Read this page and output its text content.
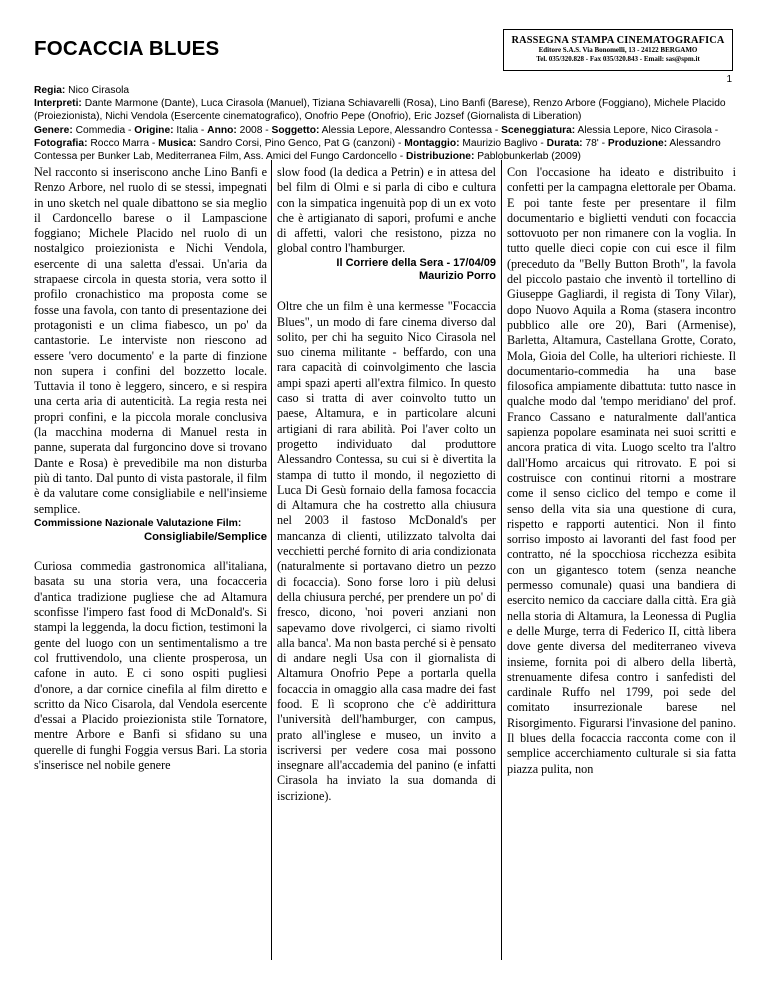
FOCACCIA BLUES	RASSEGNA STAMPA CINEMATOGRAFICA
Editore S.A.S. Via Bonomelli, 13 - 24122 BERGAMO
Tel. 035/320.828 - Fax 035/320.843 - Email: sas@spm.it
1
Regia: Nico Cirasola
Interpreti: Dante Marmone (Dante), Luca Cirasola (Manuel), Tiziana Schiavarelli (Rosa), Lino Banfi (Barese), Renzo Arbore (Foggiano), Michele Placido (Proiezionista), Nichi Vendola (Esercente cinematografico), Onofrio Pepe (Onofrio), Eric Jozsef (Giornalista di Liberation)
Genere: Commedia - Origine: Italia - Anno: 2008 - Soggetto: Alessia Lepore, Alessandro Contessa - Sceneggiatura: Alessia Lepore, Nico Cirasola - Fotografia: Rocco Marra - Musica: Sandro Corsi, Pino Genco, Pat G (canzoni) - Montaggio: Maurizio Baglivo - Durata: 78' - Produzione: Alessandro Contessa per Bunker Lab, Mediterranea Film, Ass. Amici del Fungo Cardoncello - Distribuzione: Pablobunkerlab (2009)

Nel racconto si inseriscono anche Lino Banfi e Renzo Arbore, nel ruolo di se stessi, impegnati in uno sketch nel quale dibattono se sia meglio il Cardoncello barese o il Lampascione foggiano; Michele Placido nel ruolo di un nostalgico proiezionista e Nichi Vendola, esercente di una saletta d'essai. Un'aria da strapaese circola in questa storia, vera sotto il profilo cronachistico ma proposta come se fosse una favola, con tanto di presentazione dei protagonisti e un clima fiabesco, un po' da cantastorie. Le interviste non riescono ad essere 'vero documento' e la parte di finzione non supera i confini del bozzetto locale. Tuttavia il tono è leggero, sincero, e si respira una certa aria di autenticità. La regia resta nei propri confini, e la piccola morale conclusiva (la macchina moderna di Manuel resta in panne, superata dal furgoncino dove si trovano Dante e Rosa) è prevedibile ma non disturba più di tanto. Dal punto di vista pastorale, il film è da valutare come consigliabile e nell'insieme semplice.

Commissione Nazionale Valutazione Film:
Consigliabile/Semplice

Curiosa commedia gastronomica all'italiana, basata su una storia vera, una focacceria d'antica tradizione pugliese che ad Altamura sconfisse l'impero fast food di McDonald's. Si stampi la leggenda, la docu fiction, testimoni la gente del luogo con un sentimentalismo a tre col fruttivendolo, una cliente prosperosa, un cafone in auto. E ci sono ospiti pugliesi d'onore, a dar cornice cinefila al film diretto e scritto da Nico Cisarola, dal Vendola esercente d'essai a Placido proiezionista stile Tornatore, mentre Arbore e Banfi si sfidano su una querelle di funghi Foggia versus Bari. La storia s'inserisce nel nobile genere

slow food (la dedica a Petrin) e in attesa del bel film di Olmi e si parla di cibo e cultura con la simpatica ingenuità pop di un ex voto che è artigianato di sapori, profumi e anche di affetti, valori che resistono, pizza no global contro l'hamburger.

Il Corriere della Sera - 17/04/09
Maurizio Porro

Oltre che un film è una kermesse "Focaccia Blues", un modo di fare cinema diverso dal solito, per chi ha seguito Nico Cirasola nel suo cinema militante - beffardo, con una rara capacità di coinvolgimento che lascia ampi spazi aperti all'extra filmico. In questo caso si tratta di aver coinvolto tutto un paese, Altamura, e in particolare alcuni artigiani di rara abilità. Poi l'aver colto un progetto individuato dal produttore Alessandro Contessa, su cui si è divertita la stampa di tutto il mondo, il negozietto di Luca Di Gesù fornaio della famosa focaccia di Altamura che ha costretto alla chiusura nel 2003 il fastoso McDonald's per mancanza di clienti, utilizzato talvolta dai vecchietti perché fornito di aria condizionata (naturalmente si portavano dietro un pezzo di focaccia). Sono forse loro i più delusi della chiusura perché, per prendere un po' di fresco, dicono, 'noi poveri anziani non sapevamo dove rivolgerci, ci siamo rivolti alla banca'. Ma non basta perché si è pensato di andare negli Usa con il giornalista di Altamura Onofrio Pepe a portarla quella focaccia in omaggio alla casa madre dei fast food. E lì scoprono che c'è addirittura l'università dell'hamburger, con campus, prato all'inglese e museo, un invito a iscriversi per vedere cosa mai possono insegnare all'accademia del panino (e infatti Cirasola ha inviato la sua domanda di iscrizione).

Con l'occasione ha ideato e distribuito i confetti per la campagna elettorale per Obama. E poi tante feste per presentare il film documentario e biglietti venduti con focaccia sottovuoto per non rimanere con la voglia. In tutto quelle dieci copie con cui esce il film (preceduto da "Belly Button Broth", la favola del piccolo pastaio che inventò il tortellino di Giuseppe Gagliardi, il regista di Tony Vilar), dopo Nuovo Aquila a Roma (stasera incontro pubblico alle ore 20), Bari (Armenise), Barletta, Altamura, Castellana Grotte, Corato, Mola, Gioia del Colle, ha ulteriori richieste. Il documentario-commedia ha una base filosofica ampiamente dibattuta: tutto nasce in qualche modo dal 'tempo meridiano' del prof. Franco Cassano e naturalmente dall'antica sapienza popolare esaminata nei suoi scritti e ancora pratica di vita. Luogo scelto tra l'altro dall'Homo arcaicus qui ritrovato. E poi si costruisce con continui ritorni a mostrare come il senso ciclico del tempo e come il senso della vita sia una questione di cura, rispetto e rapporti autentici. Non il finto sorriso imposto ai lavoranti del fast food per contratto, né la spocchiosa ricchezza esibita con un gigantesco totem (senza neanche permesso comunale) quasi una bandiera di esercito nemico da cacciare dalla città. Era già nella storia di Altamura, la Leonessa di Puglia e delle Murge, terra di Federico II, città libera dove gente diversa del mediterraneo viveva insieme, fornita poi di albero della libertà, strenuamente difesa contro i sanfedisti del cardinale Ruffo nel 1799, poi sede del comitato insurrezionale barese nel Risorgimento. Figurarsi l'invasione del panino. Il blues della focaccia racconta come con il semplice accerchiamento culturale si sia fatta piazza pulita, non
